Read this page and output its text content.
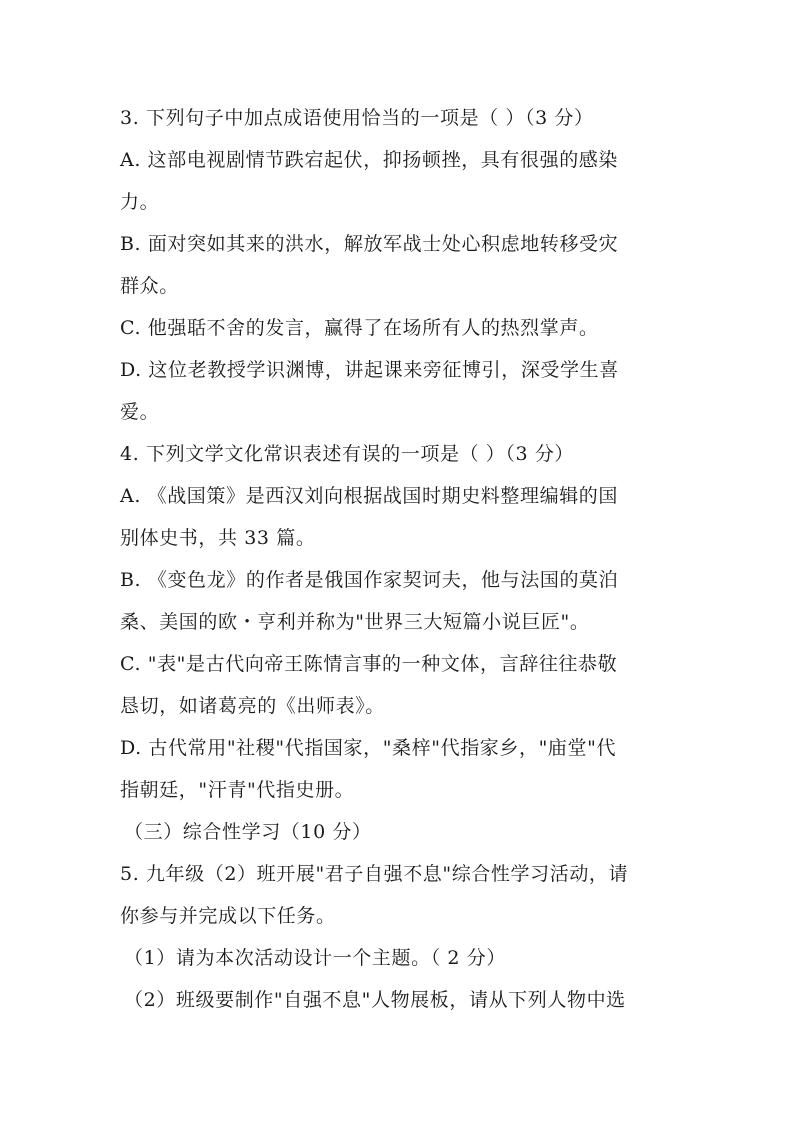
3. 下列句子中加点成语使用恰当的一项是（ ）（3 分）
A. 这部电视剧情节跌宕起伏，抑扬顿挫，具有很强的感染
力。
B. 面对突如其来的洪水，解放军战士处心积虑地转移受灾
群众。
C. 他强聒不舍的发言，赢得了在场所有人的热烈掌声。
D. 这位老教授学识渊博，讲起课来旁征博引，深受学生喜
爱。
4. 下列文学文化常识表述有误的一项是（ ）（3 分）
A. 《战国策》是西汉刘向根据战国时期史料整理编辑的国
别体史书，共 33 篇。
B. 《变色龙》的作者是俄国作家契诃夫，他与法国的莫泊
桑、美国的欧・亨利并称为"世界三大短篇小说巨匠"。
C. "表"是古代向帝王陈情言事的一种文体，言辞往往恭敬
恳切，如诸葛亮的《出师表》。
D. 古代常用"社稷"代指国家，"桑梓"代指家乡，"庙堂"代
指朝廷，"汗青"代指史册。
（三）综合性学习（10 分）
5. 九年级（2）班开展"君子自强不息"综合性学习活动，请
你参与并完成以下任务。
（1）请为本次活动设计一个主题。（ 2 分）
（2）班级要制作"自强不息"人物展板，请从下列人物中选
